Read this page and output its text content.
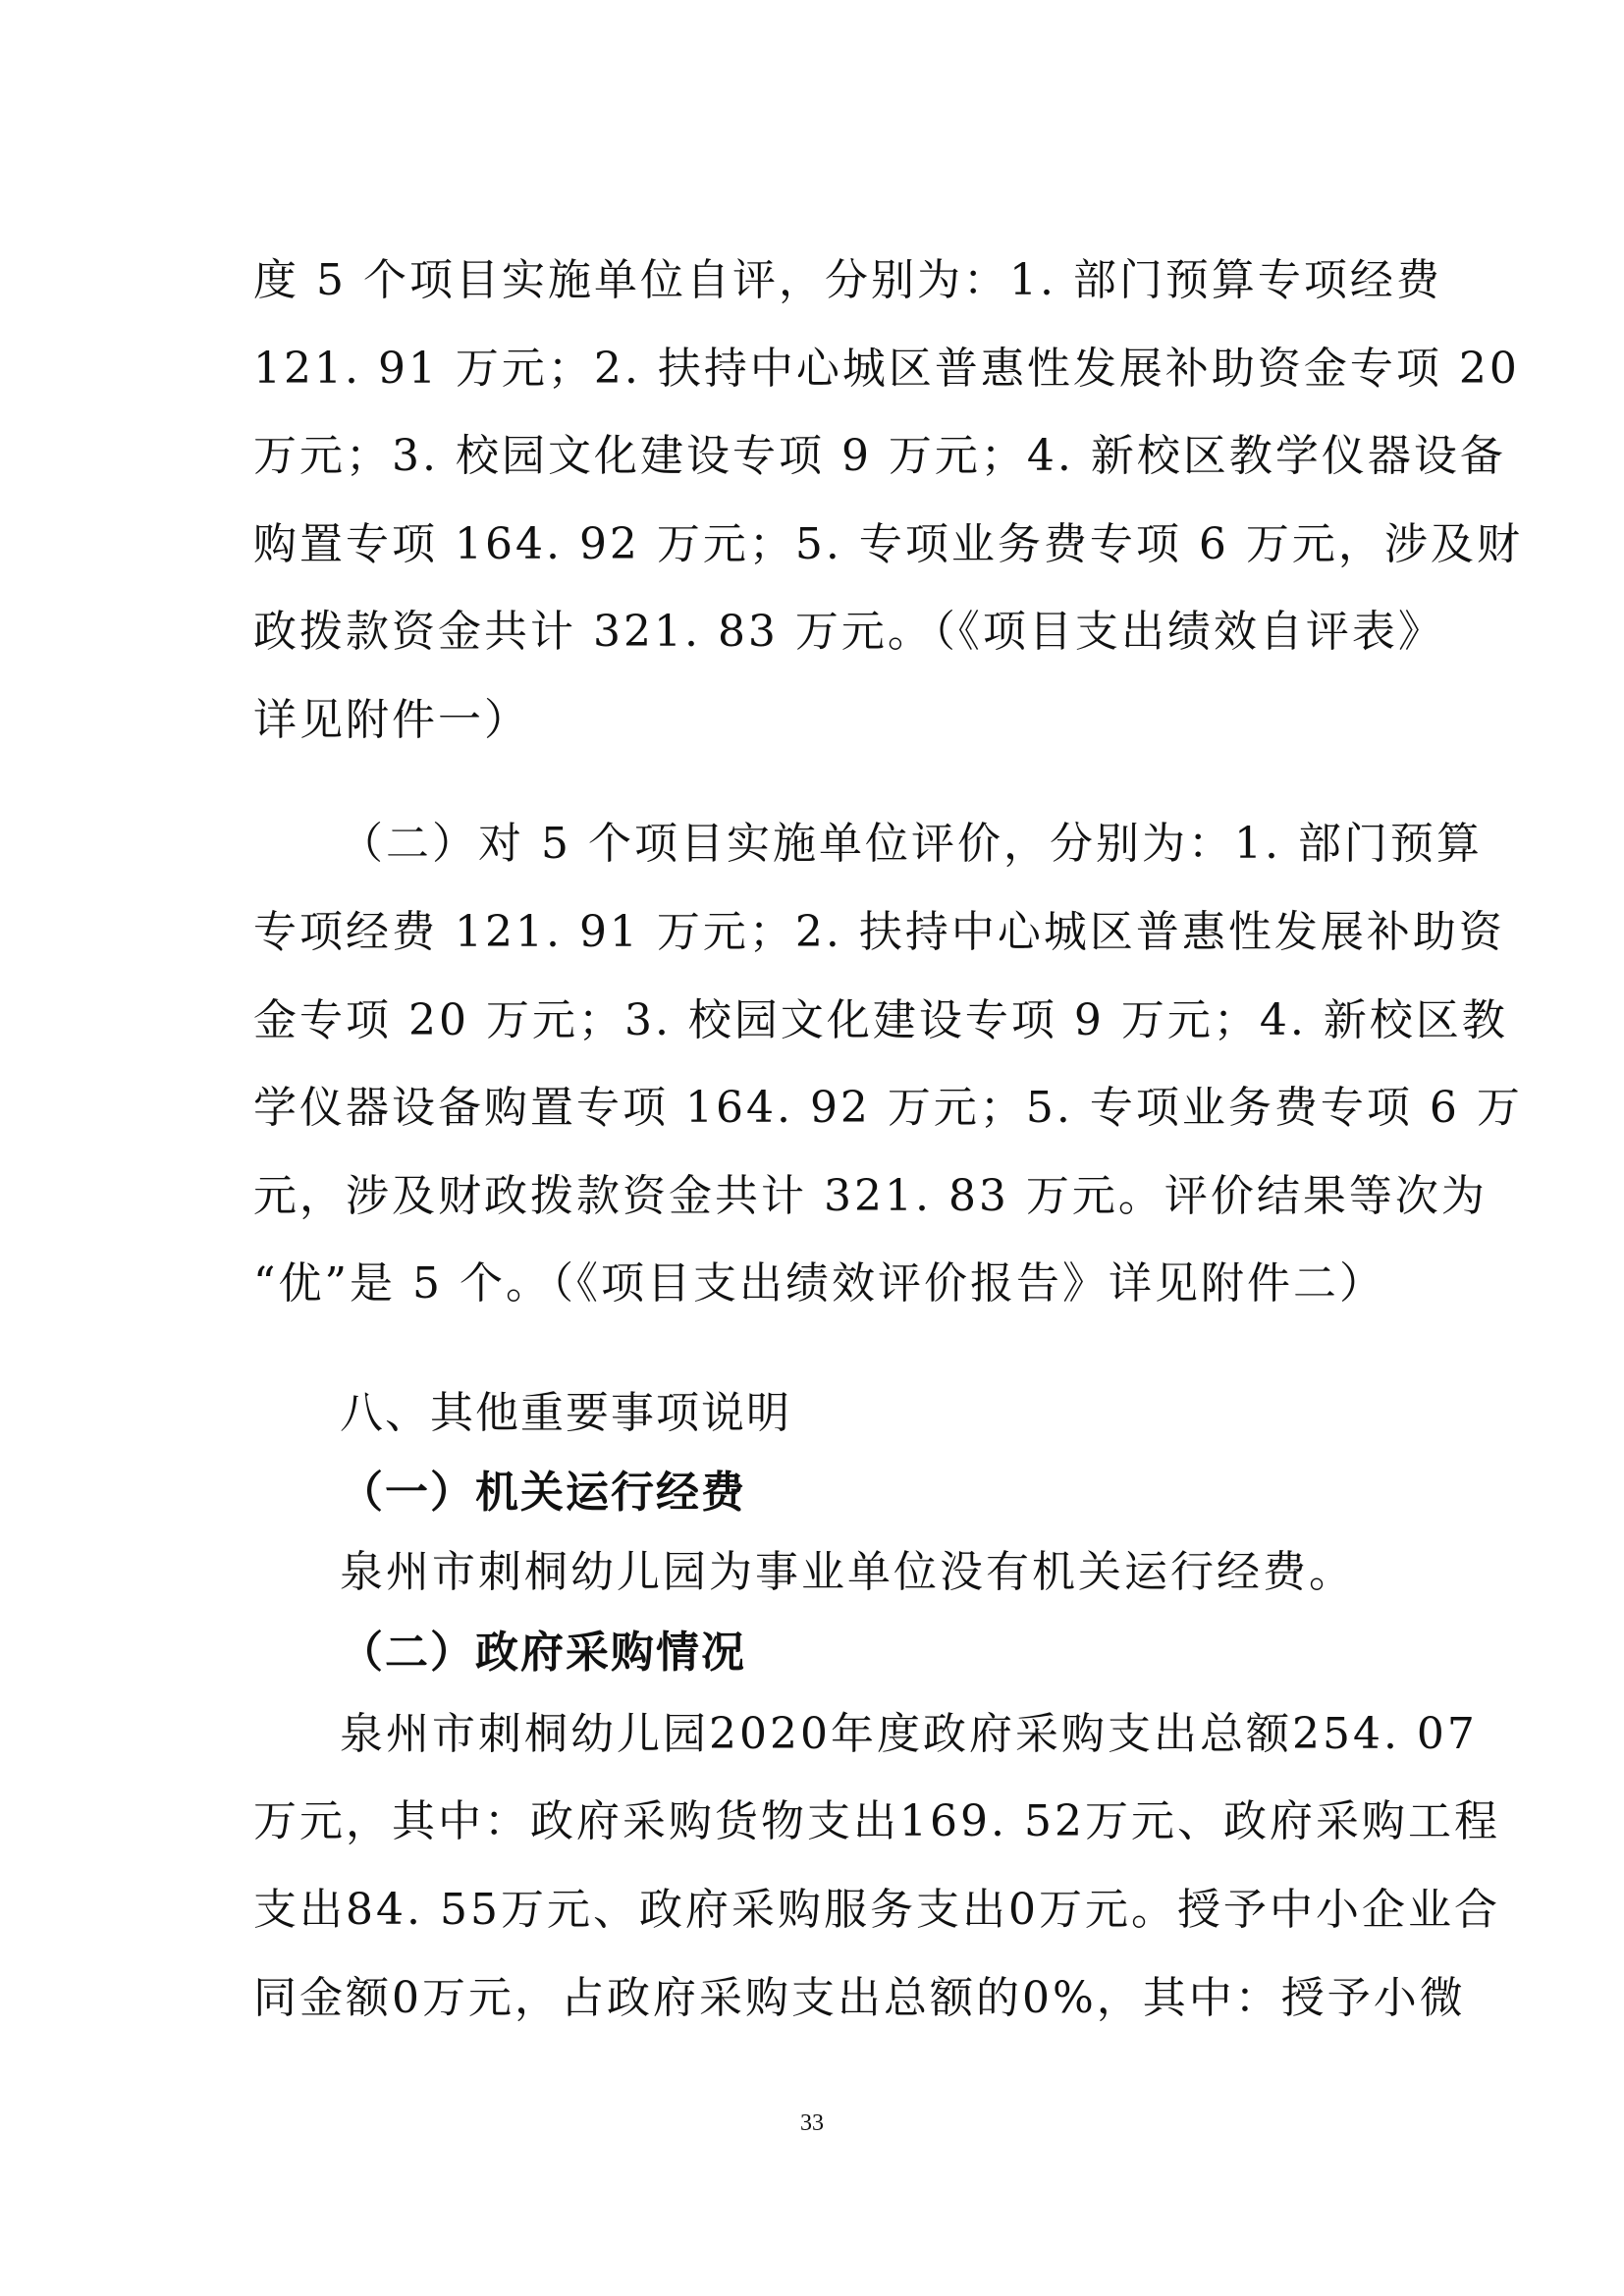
度 5 个项目实施单位自评，分别为：1. 部门预算专项经费
121. 91 万元；2. 扶持中心城区普惠性发展补助资金专项 20
万元；3. 校园文化建设专项 9 万元；4. 新校区教学仪器设备
购置专项 164. 92 万元；5. 专项业务费专项 6 万元，涉及财
政拨款资金共计 321. 83 万元。（《项目支出绩效自评表》
详见附件一）
（二）对 5 个项目实施单位评价，分别为：1. 部门预算
专项经费 121. 91 万元；2. 扶持中心城区普惠性发展补助资
金专项 20 万元；3. 校园文化建设专项 9 万元；4. 新校区教
学仪器设备购置专项 164. 92 万元；5. 专项业务费专项 6 万
元，涉及财政拨款资金共计 321. 83 万元。评价结果等次为
“优”是 5 个。（《项目支出绩效评价报告》详见附件二）
八、其他重要事项说明
（一）机关运行经费
泉州市刺桐幼儿园为事业单位没有机关运行经费。
（二）政府采购情况
泉州市刺桐幼儿园2020年度政府采购支出总额254. 07
万元，其中：政府采购货物支出169. 52万元、政府采购工程
支出84. 55万元、政府采购服务支出0万元。授予中小企业合
同金额0万元，占政府采购支出总额的0%，其中：授予小微
33
